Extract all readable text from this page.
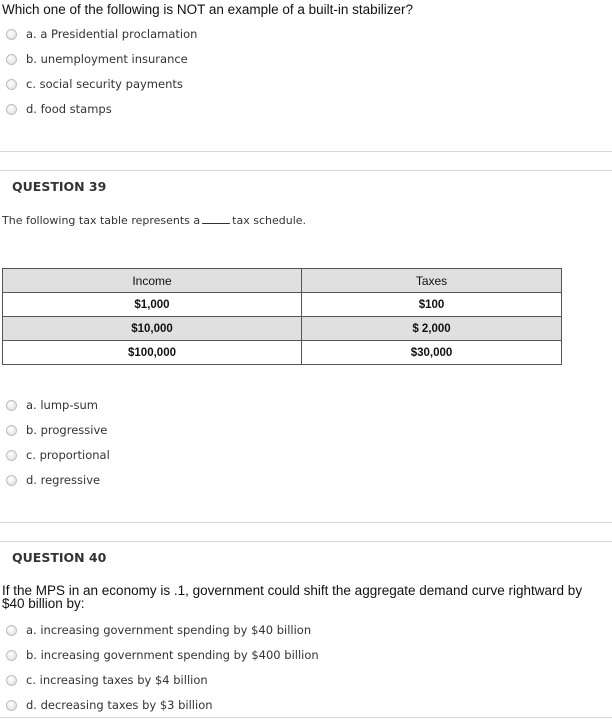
Which one of the following is NOT an example of a built-in stabilizer?
a. a Presidential proclamation
b. unemployment insurance
c. social security payments
d. food stamps
QUESTION 39
The following tax table represents a	tax schedule.
Income	Taxes
$1,000	$100
$10,000	$ 2,000
$100,000	$30,000
a. lump-sum
b. progressive
c. proportional
d. regressive
QUESTION 40
If the MPS in an economy is .1, government could shift the aggregate demand curve rightward by $40 billion by:
a. increasing government spending by $40 billion
b. increasing government spending by $400 billion
c. increasing taxes by $4 billion
d. decreasing taxes by $3 billion
